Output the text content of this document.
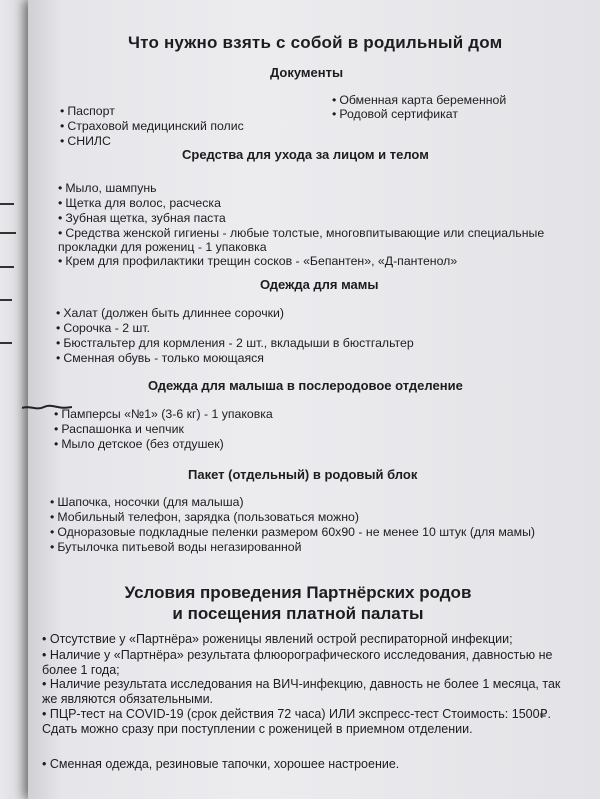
Что нужно взять с собой в родильный дом
Документы
• Обменная карта беременной
• Родовой сертификат
• Паспорт
• Страховой медицинский полис
• СНИЛС
Средства для ухода за лицом и телом
• Мыло, шампунь
• Щетка для волос, расческа
• Зубная щетка, зубная паста
• Средства женской гигиены - любые толстые, многовпитывающие или специальные
прокладки для рожениц - 1 упаковка
• Крем для профилактики трещин сосков - «Бепантен», «Д-пантенол»
Одежда для мамы
• Халат (должен быть длиннее сорочки)
• Сорочка - 2 шт.
• Бюстгальтер для кормления - 2 шт., вкладыши в бюстгальтер
• Сменная обувь - только моющаяся
Одежда для малыша в послеродовое отделение
• Памперсы «№1» (3-6 кг) - 1 упаковка
• Распашонка и чепчик
• Мыло детское (без отдушек)
Пакет (отдельный) в родовый блок
• Шапочка, носочки (для малыша)
• Мобильный телефон, зарядка (пользоваться можно)
• Одноразовые подкладные пеленки размером 60х90 - не менее 10 штук (для мамы)
• Бутылочка питьевой воды негазированной
Условия проведения Партнёрских родов
и посещения платной палаты
• Отсутствие у «Партнёра» роженицы явлений острой респираторной инфекции;
• Наличие у «Партнёра» результата флюорографического исследования, давностью не более 1 года;
• Наличие результата исследования на ВИЧ-инфекцию, давность не более 1 месяца, так же являются обязательными.
• ПЦР-тест на COVID-19 (срок действия 72 часа) ИЛИ экспресс-тест Стоимость: 1500₽. Сдать можно сразу при поступлении с роженицей в приемном отделении.
• Сменная одежда, резиновые тапочки, хорошее настроение.
